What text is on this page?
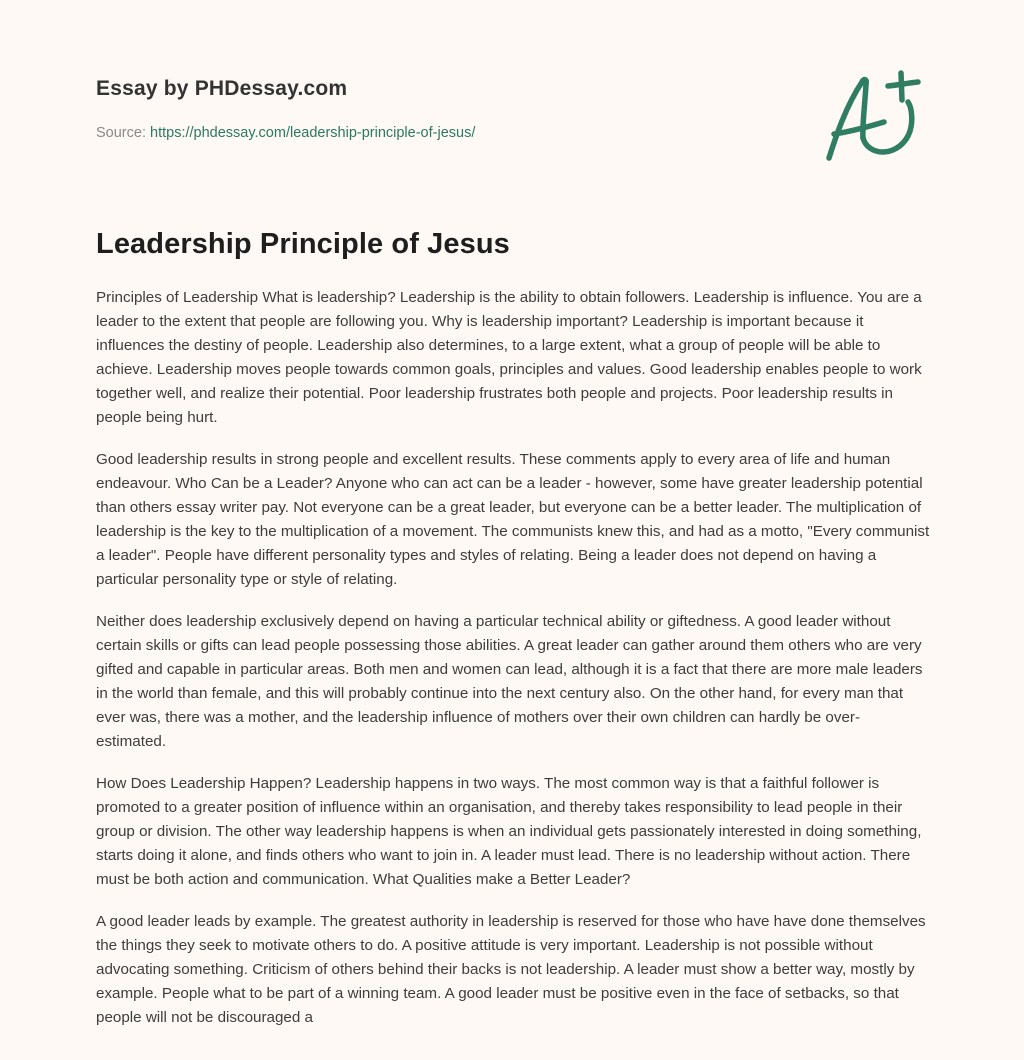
Essay by PHDessay.com
Source: https://phdessay.com/leadership-principle-of-jesus/
Leadership Principle of Jesus

Principles of Leadership What is leadership? Leadership is the ability to obtain followers. Leadership is influence. You are a leader to the extent that people are following you. Why is leadership important? Leadership is important because it influences the destiny of people. Leadership also determines, to a large extent, what a group of people will be able to achieve. Leadership moves people towards common goals, principles and values. Good leadership enables people to work together well, and realize their potential. Poor leadership frustrates both people and projects. Poor leadership results in people being hurt.

Good leadership results in strong people and excellent results. These comments apply to every area of life and human endeavour. Who Can be a Leader? Anyone who can act can be a leader - however, some have greater leadership potential than others essay writer pay. Not everyone can be a great leader, but everyone can be a better leader. The multiplication of leadership is the key to the multiplication of a movement. The communists knew this, and had as a motto, "Every communist a leader". People have different personality types and styles of relating. Being a leader does not depend on having a particular personality type or style of relating.

Neither does leadership exclusively depend on having a particular technical ability or giftedness. A good leader without certain skills or gifts can lead people possessing those abilities. A great leader can gather around them others who are very gifted and capable in particular areas. Both men and women can lead, although it is a fact that there are more male leaders in the world than female, and this will probably continue into the next century also. On the other hand, for every man that ever was, there was a mother, and the leadership influence of mothers over their own children can hardly be over-estimated.

How Does Leadership Happen? Leadership happens in two ways. The most common way is that a faithful follower is promoted to a greater position of influence within an organisation, and thereby takes responsibility to lead people in their group or division. The other way leadership happens is when an individual gets passionately interested in doing something, starts doing it alone, and finds others who want to join in. A leader must lead. There is no leadership without action. There must be both action and communication. What Qualities make a Better Leader?

A good leader leads by example. The greatest authority in leadership is reserved for those who have have done themselves the things they seek to motivate others to do. A positive attitude is very important. Leadership is not possible without advocating something. Criticism of others behind their backs is not leadership. A leader must show a better way, mostly by example. People what to be part of a winning team. A good leader must be positive even in the face of setbacks, so that people will not be discouraged a
